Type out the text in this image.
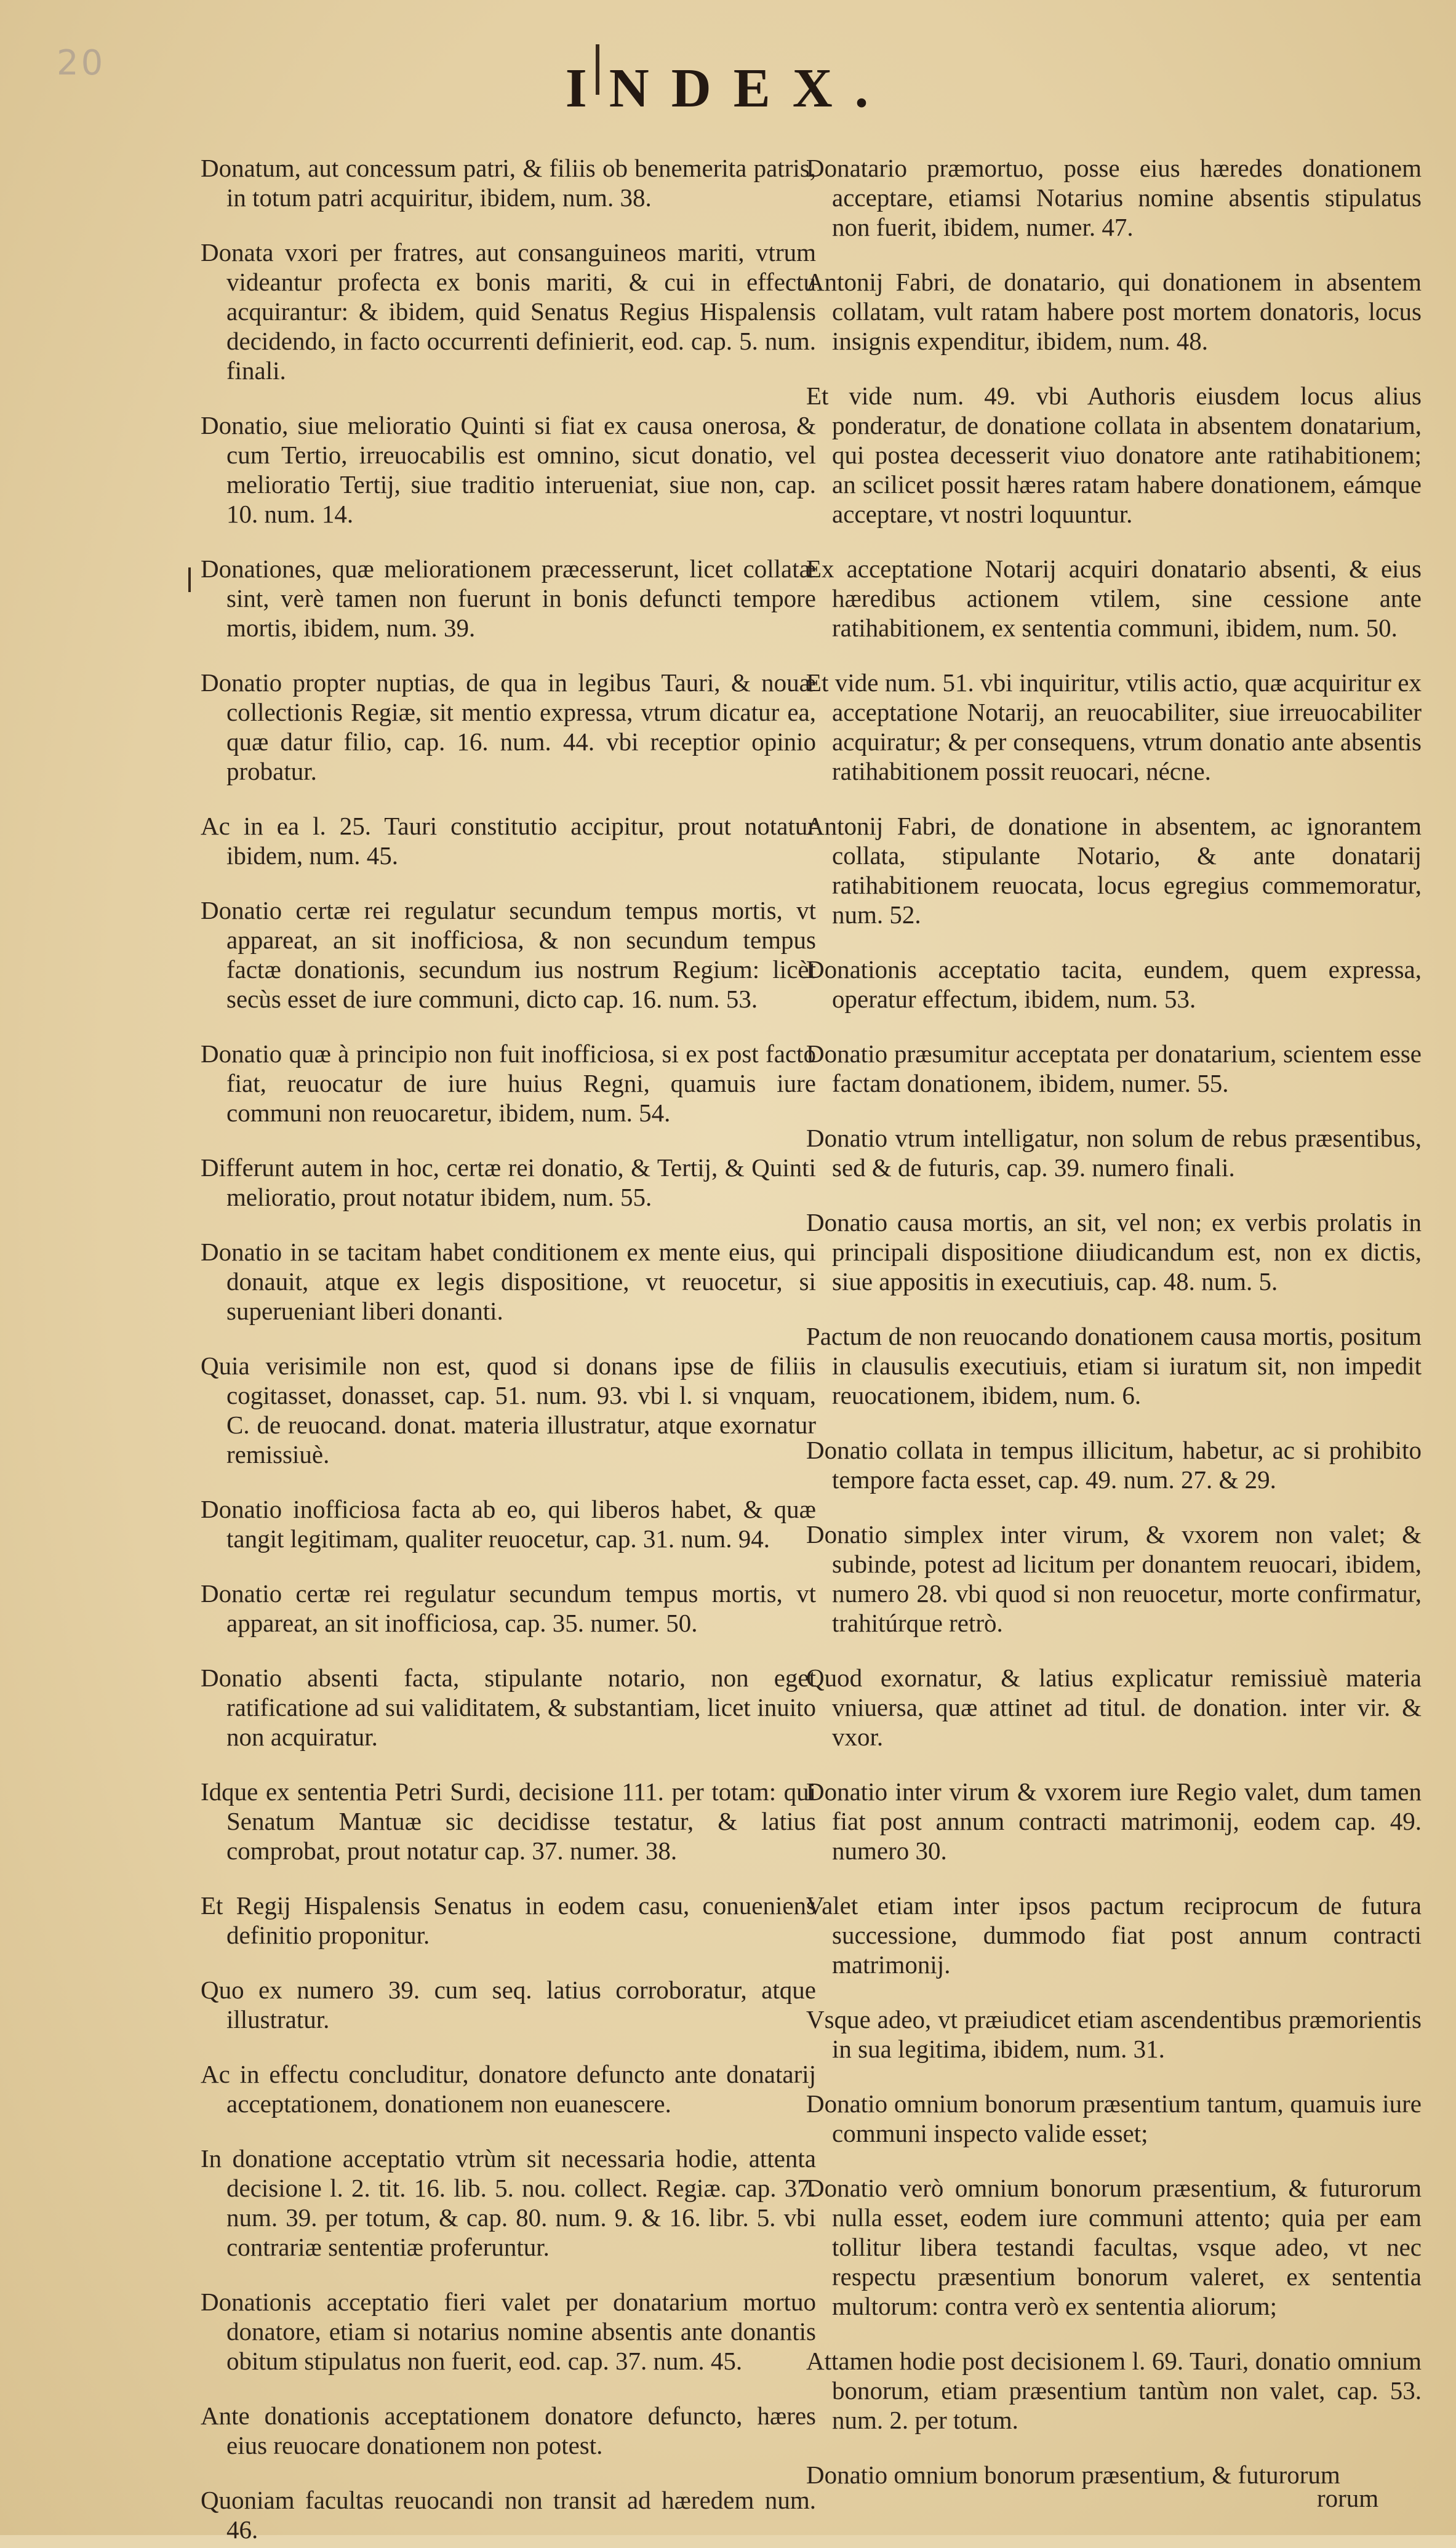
20	INDEX.

Donatum, aut concessum patri, & filiis ob benemerita patris, in totum patri acquiritur, ibidem, num. 38.

Donata vxori per fratres, aut consanguineos mariti, vtrum videantur profecta ex bonis mariti, & cui in effectu acquirantur: & ibidem, quid Senatus Regius Hispalensis decidendo, in facto occurrenti definierit, eod. cap. 5. num. finali.

Donatio, siue melioratio Quinti si fiat ex causa onerosa, & cum Tertio, irreuocabilis est omnino, sicut donatio, vel melioratio Tertij, siue traditio interueniat, siue non, cap. 10. num. 14.

Donationes, quæ meliorationem præcesserunt, licet collatæ sint, verè tamen non fuerunt in bonis defuncti tempore mortis, ibidem, num. 39.

Donatio propter nuptias, de qua in legibus Tauri, & nouæ collectionis Regiæ, sit mentio expressa, vtrum dicatur ea, quæ datur filio, cap. 16. num. 44. vbi receptior opinio probatur.

Ac in ea l. 25. Tauri constitutio accipitur, prout notatur ibidem, num. 45.

Donatio certæ rei regulatur secundum tempus mortis, vt appareat, an sit inofficiosa, & non secundum tempus factæ donationis, secundum ius nostrum Regium: licèt secùs esset de iure communi, dicto cap. 16. num. 53.

Donatio quæ à principio non fuit inofficiosa, si ex post facto fiat, reuocatur de iure huius Regni, quamuis iure communi non reuocaretur, ibidem, num. 54.

Differunt autem in hoc, certæ rei donatio, & Tertij, & Quinti melioratio, prout notatur ibidem, num. 55.

Donatio in se tacitam habet conditionem ex mente eius, qui donauit, atque ex legis dispositione, vt reuocetur, si superueniant liberi donanti.

Quia verisimile non est, quod si donans ipse de filiis cogitasset, donasset, cap. 51. num. 93. vbi l. si vnquam, C. de reuocand. donat. materia illustratur, atque exornatur remissiuè.

Donatio inofficiosa facta ab eo, qui liberos habet, & quæ tangit legitimam, qualiter reuocetur, cap. 31. num. 94.

Donatio certæ rei regulatur secundum tempus mortis, vt appareat, an sit inofficiosa, cap. 35. numer. 50.

Donatio absenti facta, stipulante notario, non eget ratificatione ad sui validitatem, & substantiam, licet inuito non acquiratur.

Idque ex sententia Petri Surdi, decisione 111. per totam: qui Senatum Mantuæ sic decidisse testatur, & latius comprobat, prout notatur cap. 37. numer. 38.

Et Regij Hispalensis Senatus in eodem casu, conueniens definitio proponitur.

Quo ex numero 39. cum seq. latius corroboratur, atque illustratur.

Ac in effectu concluditur, donatore defuncto ante donatarij acceptationem, donationem non euanescere.

In donatione acceptatio vtrùm sit necessaria hodie, attenta decisione l. 2. tit. 16. lib. 5. nou. collect. Regiæ. cap. 37. num. 39. per totum, & cap. 80. num. 9. & 16. libr. 5. vbi contrariæ sententiæ proferuntur.

Donationis acceptatio fieri valet per donatarium mortuo donatore, etiam si notarius nomine absentis ante donantis obitum stipulatus non fuerit, eod. cap. 37. num. 45.

Ante donationis acceptationem donatore defuncto, hæres eius reuocare donationem non potest.

Quoniam facultas reuocandi non transit ad hæredem num. 46.

Donatario præmortuo, posse eius hæredes donationem acceptare, etiamsi Notarius nomine absentis stipulatus non fuerit, ibidem, numer. 47.

Antonij Fabri, de donatario, qui donationem in absentem collatam, vult ratam habere post mortem donatoris, locus insignis expenditur, ibidem, num. 48.

Et vide num. 49. vbi Authoris eiusdem locus alius ponderatur, de donatione collata in absentem donatarium, qui postea decesserit viuo donatore ante ratihabitionem; an scilicet possit hæres ratam habere donationem, eámque acceptare, vt nostri loquuntur.

Ex acceptatione Notarij acquiri donatario absenti, & eius hæredibus actionem vtilem, sine cessione ante ratihabitionem, ex sententia communi, ibidem, num. 50.

Et vide num. 51. vbi inquiritur, vtilis actio, quæ acquiritur ex acceptatione Notarij, an reuocabiliter, siue irreuocabiliter acquiratur; & per consequens, vtrum donatio ante absentis ratihabitionem possit reuocari, nécne.

Antonij Fabri, de donatione in absentem, ac ignorantem collata, stipulante Notario, & ante donatarij ratihabitionem reuocata, locus egregius commemoratur, num. 52.

Donationis acceptatio tacita, eundem, quem expressa, operatur effectum, ibidem, num. 53.

Donatio præsumitur acceptata per donatarium, scientem esse factam donationem, ibidem, numer. 55.

Donatio vtrum intelligatur, non solum de rebus præsentibus, sed & de futuris, cap. 39. numero finali.

Donatio causa mortis, an sit, vel non; ex verbis prolatis in principali dispositione diiudicandum est, non ex dictis, siue appositis in executiuis, cap. 48. num. 5.

Pactum de non reuocando donationem causa mortis, positum in clausulis executiuis, etiam si iuratum sit, non impedit reuocationem, ibidem, num. 6.

Donatio collata in tempus illicitum, habetur, ac si prohibito tempore facta esset, cap. 49. num. 27. & 29.

Donatio simplex inter virum, & vxorem non valet; & subinde, potest ad licitum per donantem reuocari, ibidem, numero 28. vbi quod si non reuocetur, morte confirmatur, trahitúrque retrò.

Quod exornatur, & latius explicatur remissiuè materia vniuersa, quæ attinet ad titul. de donation. inter vir. & vxor.

Donatio inter virum & vxorem iure Regio valet, dum tamen fiat post annum contracti matrimonij, eodem cap. 49. numero 30.

Valet etiam inter ipsos pactum reciprocum de futura successione, dummodo fiat post annum contracti matrimonij.

Vsque adeo, vt præiudicet etiam ascendentibus præmorientis in sua legitima, ibidem, num. 31.

Donatio omnium bonorum præsentium tantum, quamuis iure communi inspecto valide esset;

Donatio verò omnium bonorum præsentium, & futurorum nulla esset, eodem iure communi attento; quia per eam tollitur libera testandi facultas, vsque adeo, vt nec respectu præsentium bonorum valeret, ex sententia multorum: contra verò ex sententia aliorum;

Attamen hodie post decisionem l. 69. Tauri, donatio omnium bonorum, etiam præsentium tantùm non valet, cap. 53. num. 2. per totum.

Donatio omnium bonorum præsentium, & futurorum

rorum
